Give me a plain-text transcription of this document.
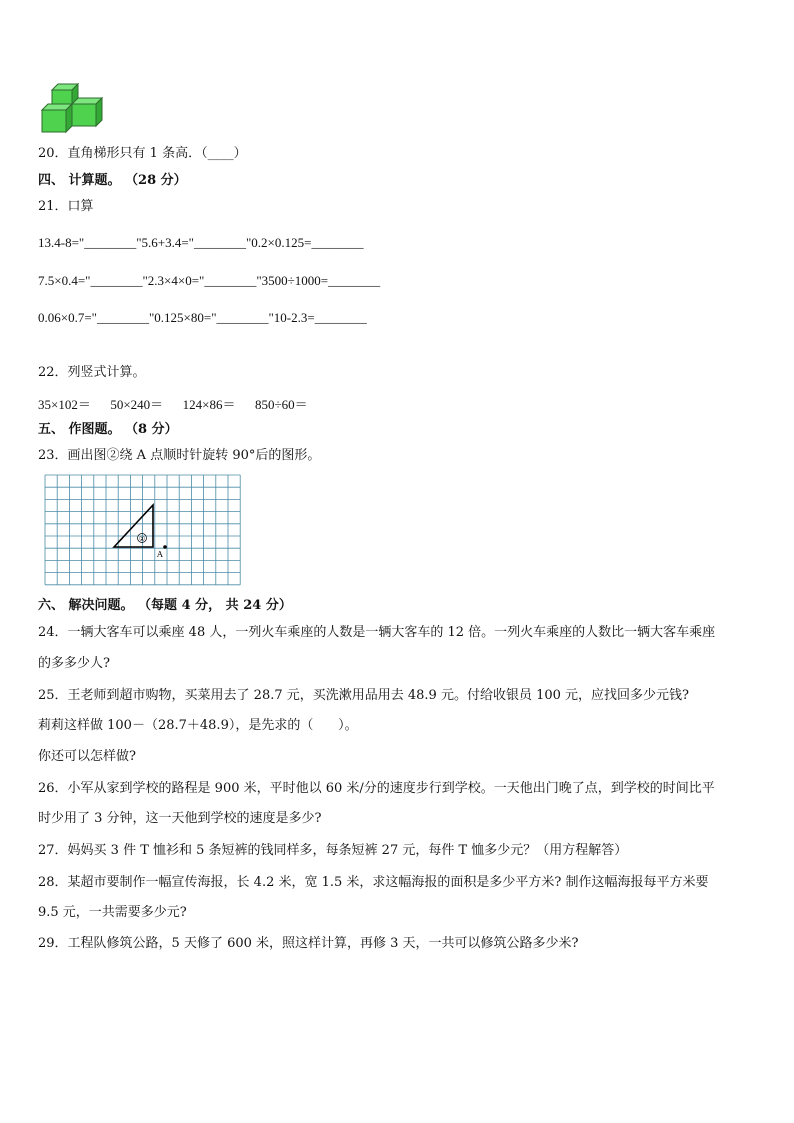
20．直角梯形只有 1 条高．（____）
四、 计算题。 （28 分）
21．口算
13.4-8="________"5.6+3.4="________"0.2×0.125=________
7.5×0.4="________"2.3×4×0="________"3500÷1000=________
0.06×0.7="________"0.125×80="________"10-2.3=________
22．列竖式计算。
35×102＝      50×240＝      124×86＝      850÷60＝
五、 作图题。 （8 分）
23．画出图②绕 A 点顺时针旋转 90°后的图形。
②
A
六、 解决问题。 （每题 4 分， 共 24 分）
24．一辆大客车可以乘座 48 人，一列火车乘座的人数是一辆大客车的 12 倍。一列火车乘座的人数比一辆大客车乘座
的多多少人?
25．王老师到超市购物，买菜用去了 28.7 元，买洗漱用品用去 48.9 元。付给收银员 100 元，应找回多少元钱?
莉莉这样做 100－（28.7＋48.9），是先求的（      ）。
你还可以怎样做?
26．小军从家到学校的路程是 900 米，平时他以 60 米/分的速度步行到学校。一天他出门晚了点，到学校的时间比平
时少用了 3 分钟，这一天他到学校的速度是多少?
27．妈妈买 3 件 T 恤衫和 5 条短裤的钱同样多，每条短裤 27 元，每件 T 恤多少元？（用方程解答）
28．某超市要制作一幅宣传海报，长 4.2 米，宽 1.5 米，求这幅海报的面积是多少平方米? 制作这幅海报每平方米要
9.5 元，一共需要多少元?
29．工程队修筑公路，5 天修了 600 米，照这样计算，再修 3 天，一共可以修筑公路多少米?
